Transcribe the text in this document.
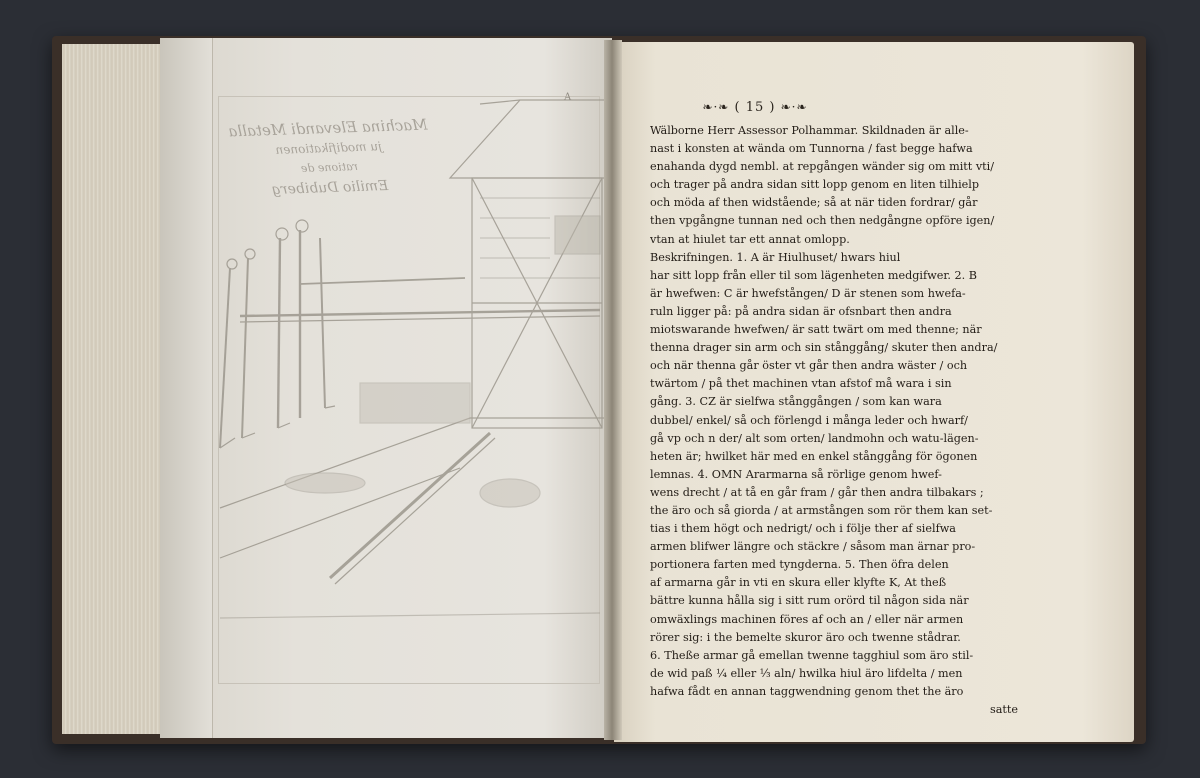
A
Machina Elevandi Metalla
ju modifikationen
ratione de
Emilio Dubiberg
❧·❧ ( 15 ) ❧·❧
Wälborne Herr Assessor Polhammar. Skildnaden är alle-
nast i konsten at wända om Tunnorna / fast begge hafwa
enahanda dygd nembl. at repgången wänder sig om mitt vti/
och trager på andra sidan sitt lopp genom en liten tilhielp
och möda af then widstående; så at när tiden fordrar/ går
then vpgångne tunnan ned och then nedgångne opföre igen/
vtan at hiulet tar ett annat omlopp.
Beskrifningen. 1. A är Hiulhuset/ hwars hiul
har sitt lopp från eller til som lägenheten medgifwer. 2. B
är hwefwen: C är hwefstången/ D är stenen som hwefa-
ruln ligger på: på andra sidan är ofsnbart then andra
miotswarande hwefwen/ är satt twärt om med thenne; när
thenna drager sin arm och sin stånggång/ skuter then andra/
och när thenna går öster vt går then andra wäster / och
twärtom / på thet machinen vtan afstof må wara i sin
gång. 3. CZ är sielfwa stånggången / som kan wara
dubbel/ enkel/ så och förlengd i många leder och hwarf/
gå vp och n der/ alt som orten/ landmohn och watu-lägen-
heten är; hwilket här med en enkel stånggång för ögonen
lemnas. 4. OMN Ararmarna så rörlige genom hwef-
wens drecht / at tå en går fram / går then andra tilbakars ;
the äro och så giorda / at armstången som rör them kan set-
tias i them högt och nedrigt/ och i följe ther af sielfwa
armen blifwer längre och stäckre / såsom man ärnar pro-
portionera farten med tyngderna. 5. Then öfra delen
af armarna går in vti en skura eller klyfte K, At theß
bättre kunna hålla sig i sitt rum orörd til någon sida när
omwäxlings machinen föres af och an / eller när armen
rörer sig: i the bemelte skuror äro och twenne stådrar.
6. Theße armar gå emellan twenne tagghiul som äro stil-
de wid paß ¼ eller ⅓ aln/ hwilka hiul äro lifdelta / men
hafwa fådt en annan taggwendning genom thet the äro
satte
